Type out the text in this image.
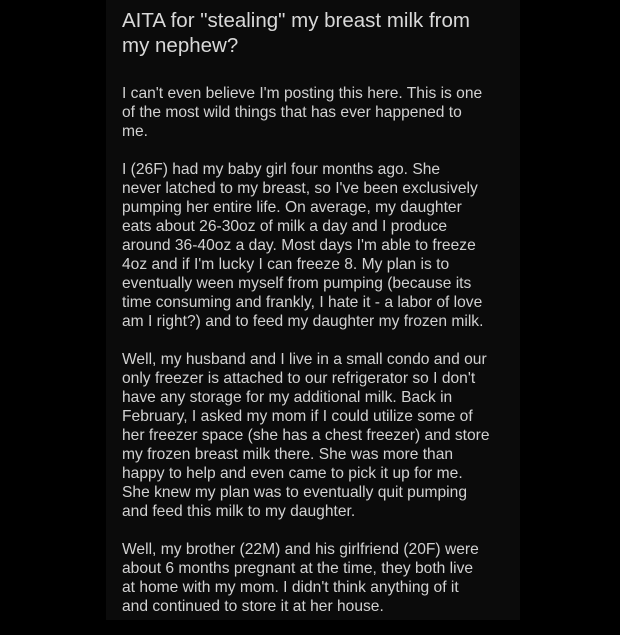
AITA for "stealing" my breast milk from
my nephew?

I can't even believe I'm posting this here. This is one
of the most wild things that has ever happened to
me.

I (26F) had my baby girl four months ago. She
never latched to my breast, so I've been exclusively
pumping her entire life. On average, my daughter
eats about 26-30oz of milk a day and I produce
around 36-40oz a day. Most days I'm able to freeze
4oz and if I'm lucky I can freeze 8. My plan is to
eventually ween myself from pumping (because its
time consuming and frankly, I hate it - a labor of love
am I right?) and to feed my daughter my frozen milk.

Well, my husband and I live in a small condo and our
only freezer is attached to our refrigerator so I don't
have any storage for my additional milk. Back in
February, I asked my mom if I could utilize some of
her freezer space (she has a chest freezer) and store
my frozen breast milk there. She was more than
happy to help and even came to pick it up for me.
She knew my plan was to eventually quit pumping
and feed this milk to my daughter.

Well, my brother (22M) and his girlfriend (20F) were
about 6 months pregnant at the time, they both live
at home with my mom. I didn't think anything of it
and continued to store it at her house.
